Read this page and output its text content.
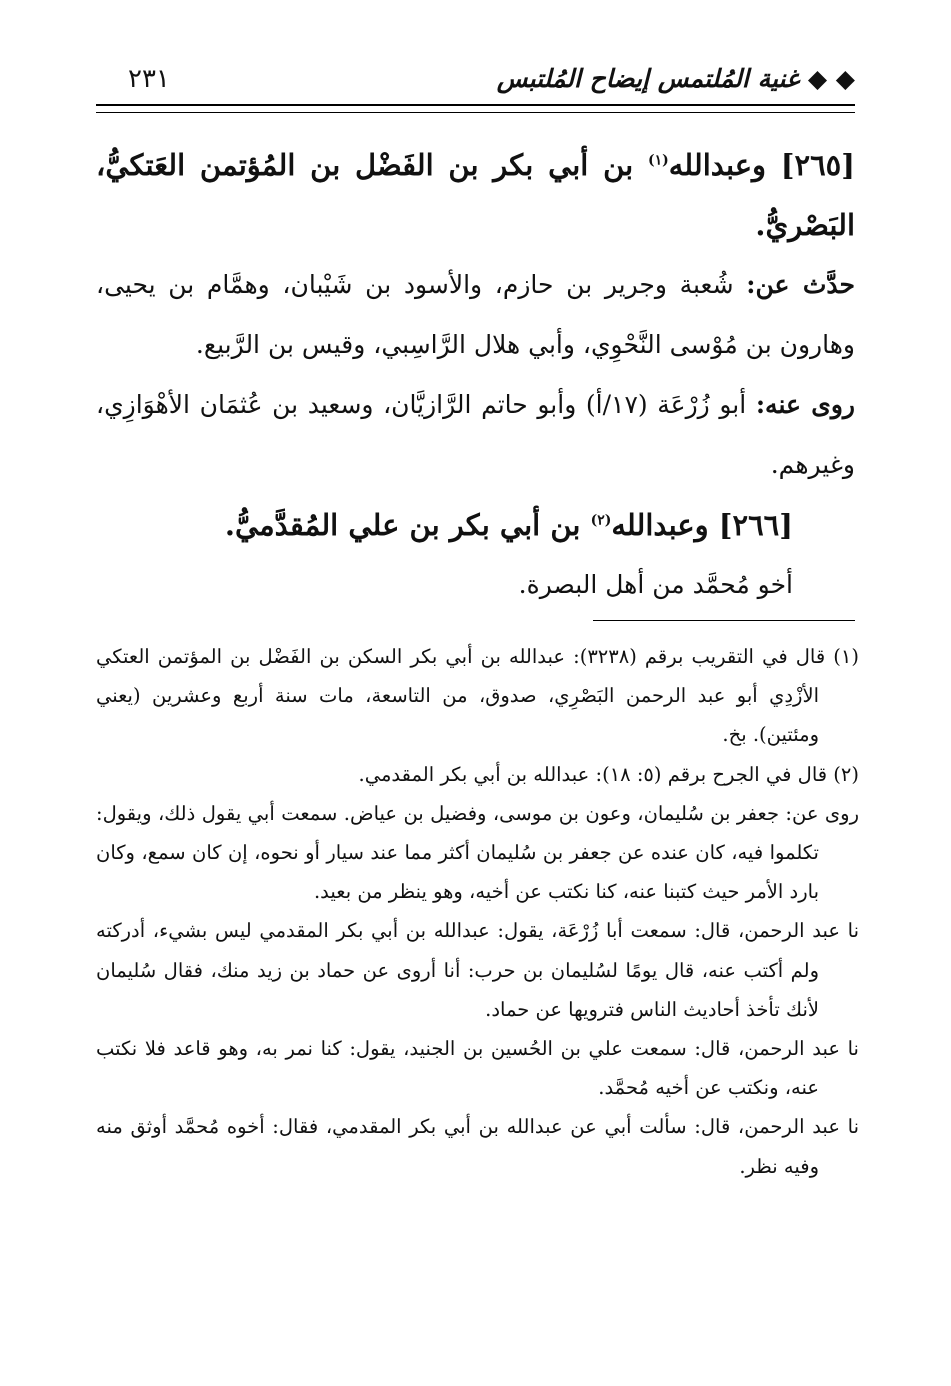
◆ ◆ غنية المُلتمس إيضاح المُلتبس
٢٣١

[٢٦٥] وعبدالله$^{(١)}$ بن أبي بكر بن الفَضْل بن المُؤتمن العَتكيُّ، البَصْريُّ.

حدَّث عن: شُعبة وجرير بن حازم، والأسود بن شَيْبان، وهمَّام بن يحيى، وهارون بن مُوْسى النَّحْوِي، وأبي هلال الرَّاسِبي، وقيس بن الرَّبيع.

روى عنه: أبو زُرْعَة (١٧/أ) وأبو حاتم الرَّازيَّان، وسعيد بن عُثمَان الأهْوَازِي، وغيرهم.

[٢٦٦] وعبدالله$^{(٢)}$ بن أبي بكر بن علي المُقدَّميُّ.

أخو مُحمَّد من أهل البصرة.

(١) قال في التقريب برقم (٣٢٣٨): عبدالله بن أبي بكر السكن بن الفَضْل بن المؤتمن العتكي الأزْدِي أبو عبد الرحمن البَصْرِي، صدوق، من التاسعة، مات سنة أربع وعشرين (يعني ومئتين). بخ.

(٢) قال في الجرح برقم (٥: ١٨): عبدالله بن أبي بكر المقدمي.

روى عن: جعفر بن سُليمان، وعون بن موسى، وفضيل بن عياض. سمعت أبي يقول ذلك، ويقول: تكلموا فيه، كان عنده عن جعفر بن سُليمان أكثر مما عند سيار أو نحوه، إن كان سمع، وكان بارد الأمر حيث كتبنا عنه، كنا نكتب عن أخيه، وهو ينظر من بعيد.

نا عبد الرحمن، قال: سمعت أبا زُرْعَة، يقول: عبدالله بن أبي بكر المقدمي ليس بشيء، أدركته ولم أكتب عنه، قال يومًا لسُليمان بن حرب: أنا أروى عن حماد بن زيد منك، فقال سُليمان لأنك تأخذ أحاديث الناس فترويها عن حماد.

نا عبد الرحمن، قال: سمعت علي بن الحُسين بن الجنيد، يقول: كنا نمر به، وهو قاعد فلا نكتب عنه، ونكتب عن أخيه مُحمَّد.

نا عبد الرحمن، قال: سألت أبي عن عبدالله بن أبي بكر المقدمي، فقال: أخوه مُحمَّد أوثق منه وفيه نظر.
